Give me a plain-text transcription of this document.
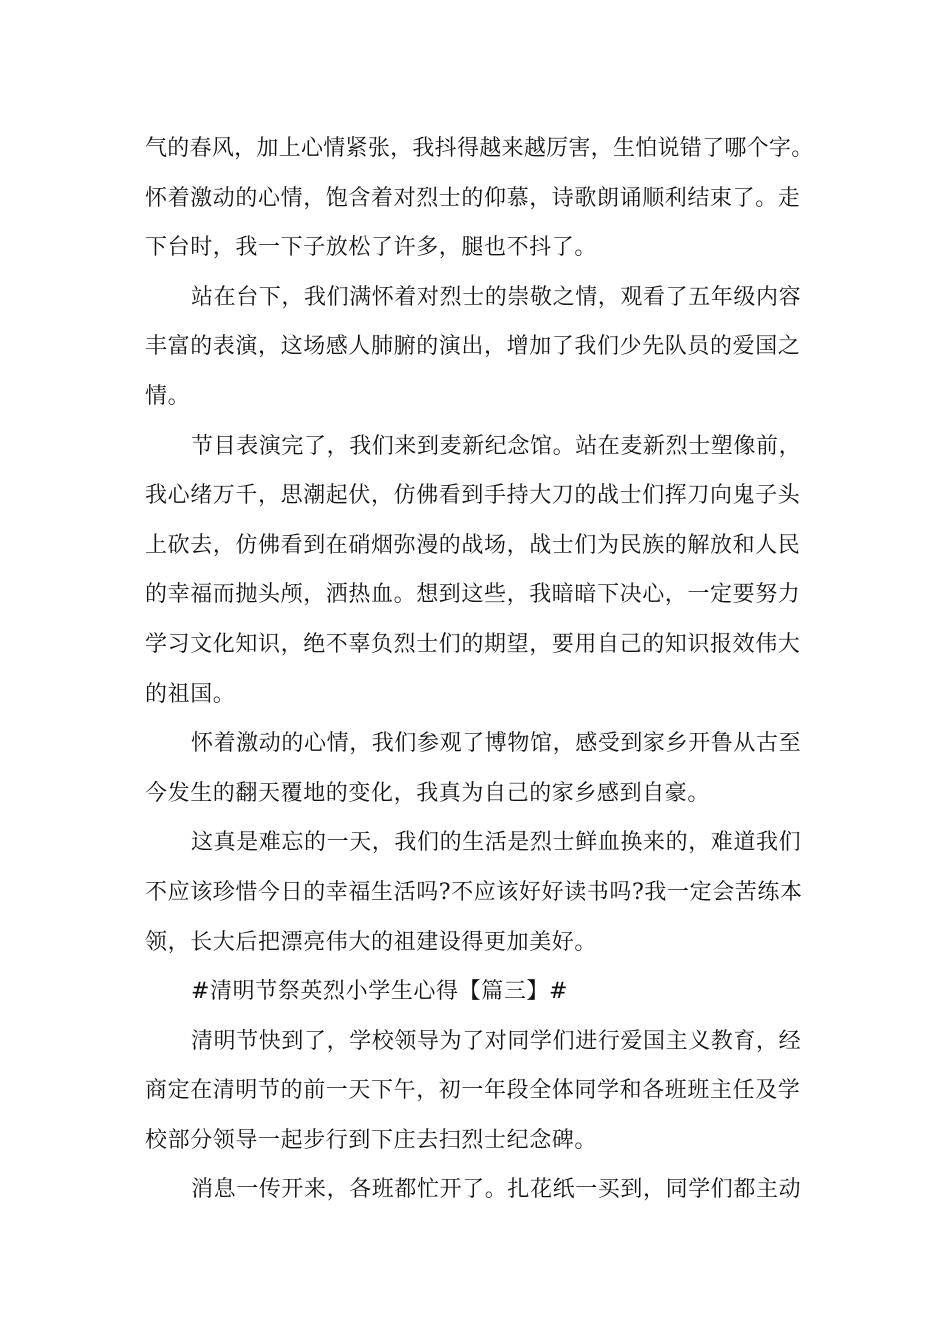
气的春风，加上心情紧张，我抖得越来越厉害，生怕说错了哪个字。
怀着激动的心情，饱含着对烈士的仰慕，诗歌朗诵顺利结束了。走
下台时，我一下子放松了许多，腿也不抖了。
站在台下，我们满怀着对烈士的崇敬之情，观看了五年级内容
丰富的表演，这场感人肺腑的演出，增加了我们少先队员的爱国之
情。
节目表演完了，我们来到麦新纪念馆。站在麦新烈士塑像前，
我心绪万千，思潮起伏，仿佛看到手持大刀的战士们挥刀向鬼子头
上砍去，仿佛看到在硝烟弥漫的战场，战士们为民族的解放和人民
的幸福而抛头颅，洒热血。想到这些，我暗暗下决心，一定要努力
学习文化知识，绝不辜负烈士们的期望，要用自己的知识报效伟大
的祖国。
怀着激动的心情，我们参观了博物馆，感受到家乡开鲁从古至
今发生的翻天覆地的变化，我真为自己的家乡感到自豪。
这真是难忘的一天，我们的生活是烈士鲜血换来的，难道我们
不应该珍惜今日的幸福生活吗?不应该好好读书吗?我一定会苦练本
领，长大后把漂亮伟大的祖建设得更加美好。
#清明节祭英烈小学生心得【篇三】#
清明节快到了，学校领导为了对同学们进行爱国主义教育，经
商定在清明节的前一天下午，初一年段全体同学和各班班主任及学
校部分领导一起步行到下庄去扫烈士纪念碑。
消息一传开来，各班都忙开了。扎花纸一买到，同学们都主动
